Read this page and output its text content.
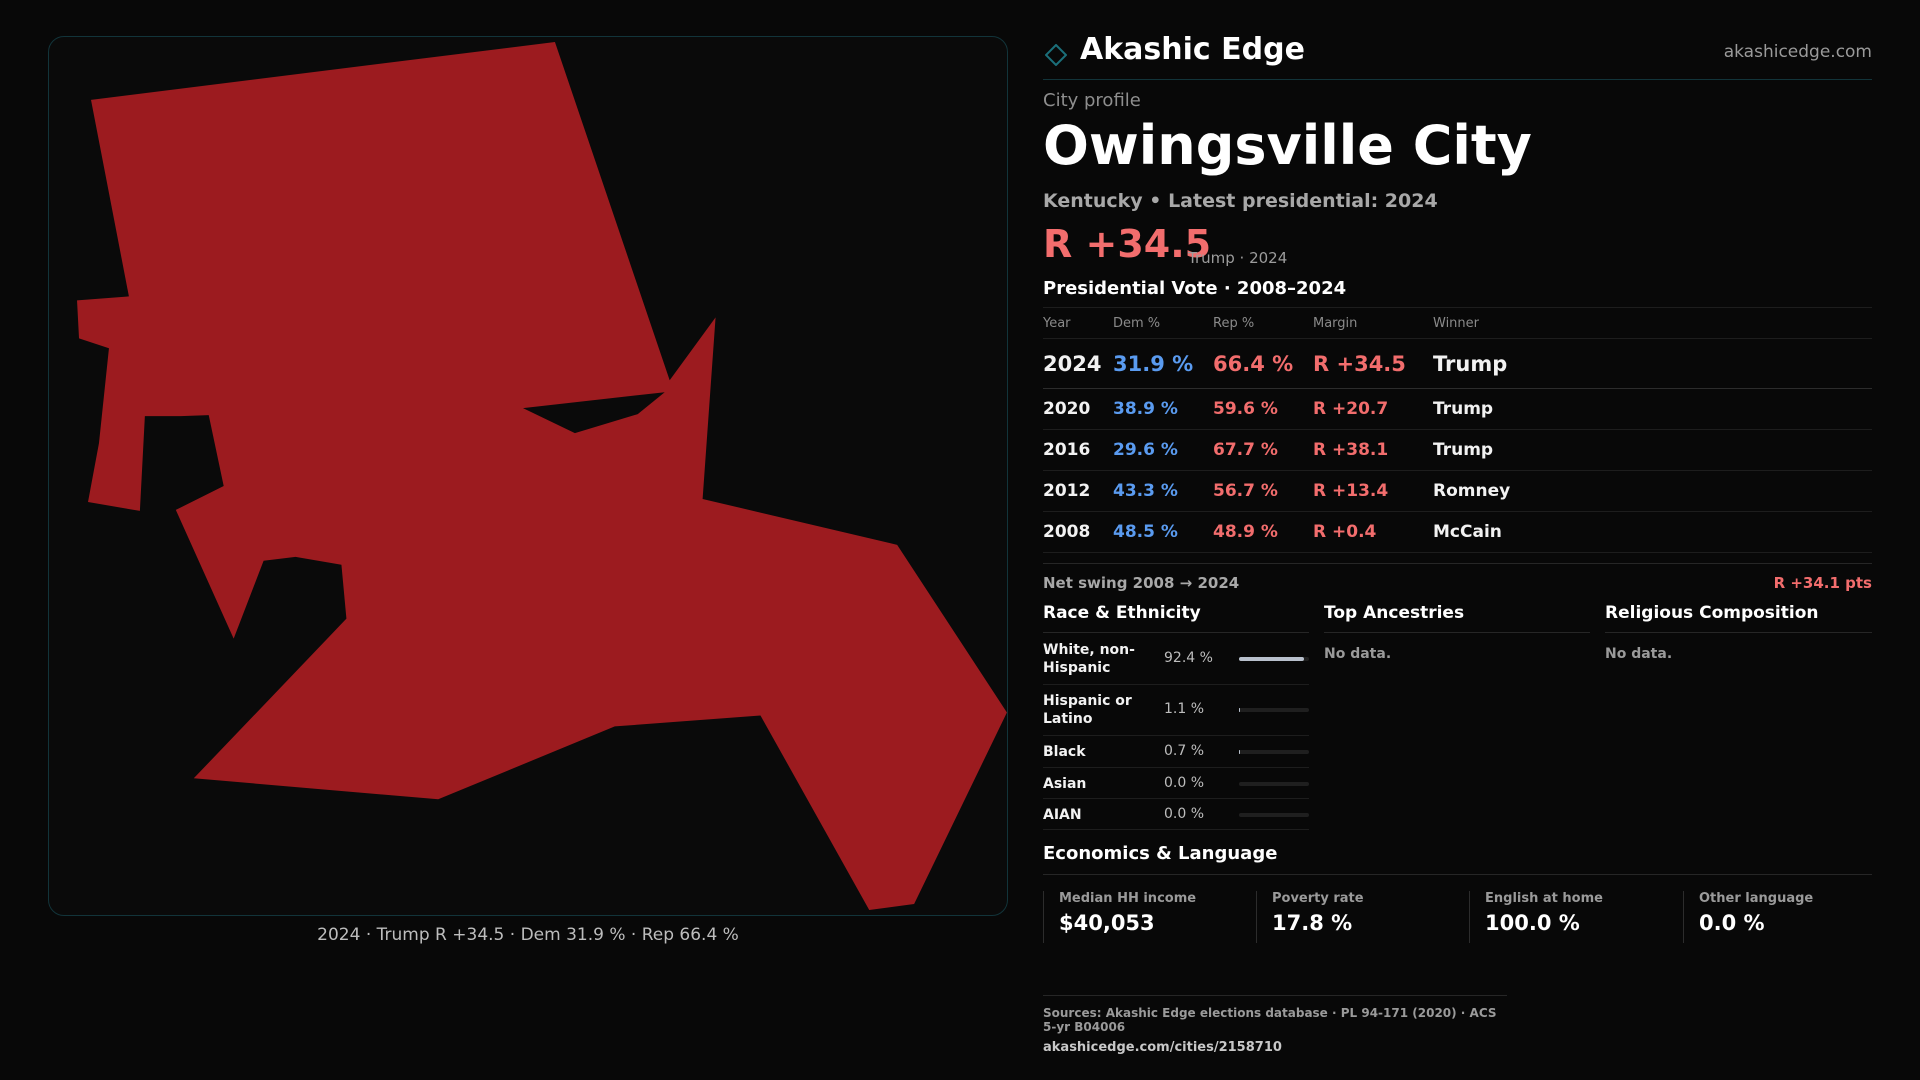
2024 · Trump R +34.5 · Dem 31.9 % · Rep 66.4 %
Akashic Edge	akashicedge.com
City profile
Owingsville City
Kentucky • Latest presidential: 2024
R +34.5
Trump · 2024
Presidential Vote · 2008–2024
Year	Dem %	Rep %	Margin	Winner
2024	31.9 %	66.4 %	R +34.5	Trump
2020	38.9 %	59.6 %	R +20.7	Trump
2016	29.6 %	67.7 %	R +38.1	Trump
2012	43.3 %	56.7 %	R +13.4	Romney
2008	48.5 %	48.9 %	R +0.4	McCain
Net swing 2008 → 2024	R +34.1 pts
Race & Ethnicity
White, non-Hispanic
92.4 %
Hispanic or Latino
1.1 %
Black	0.7 %
Asian	0.0 %
AIAN	0.0 %
Top Ancestries
No data.
Religious Composition
No data.
Economics & Language
Median HH income
$40,053
Poverty rate
17.8 %
English at home
100.0 %
Other language
0.0 %
Sources: Akashic Edge elections database · PL 94-171 (2020) · ACS 5-yr B04006
akashicedge.com/cities/2158710
